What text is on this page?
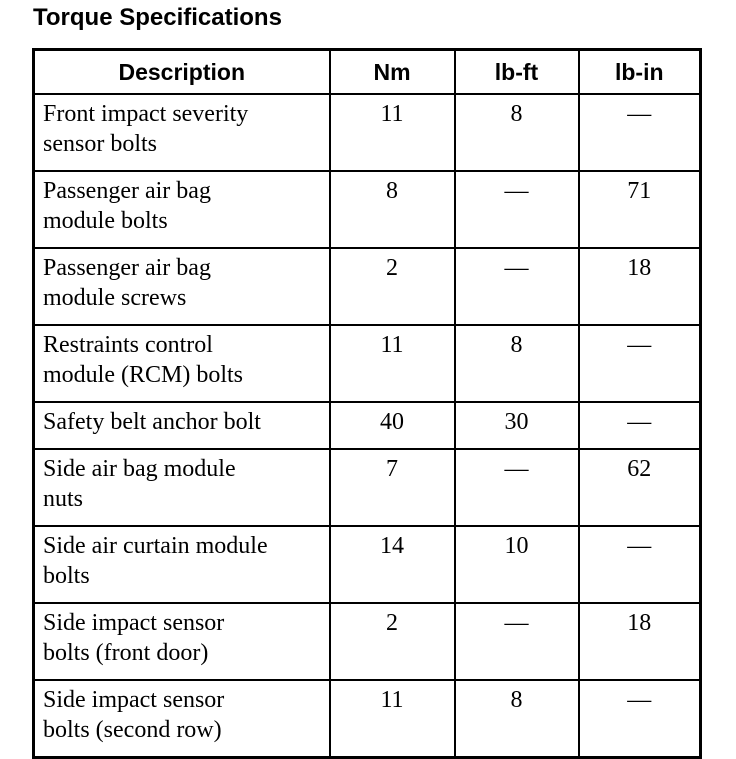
Torque Specifications
Description	Nm	lb-ft	lb-in
Front impact severity
sensor bolts	11	8	—
Passenger air bag
module bolts	8	—	71
Passenger air bag
module screws	2	—	18
Restraints control
module (RCM) bolts	11	8	—
Safety belt anchor bolt	40	30	—
Side air bag module
nuts	7	—	62
Side air curtain module
bolts	14	10	—
Side impact sensor
bolts (front door)	2	—	18
Side impact sensor
bolts (second row)	11	8	—
